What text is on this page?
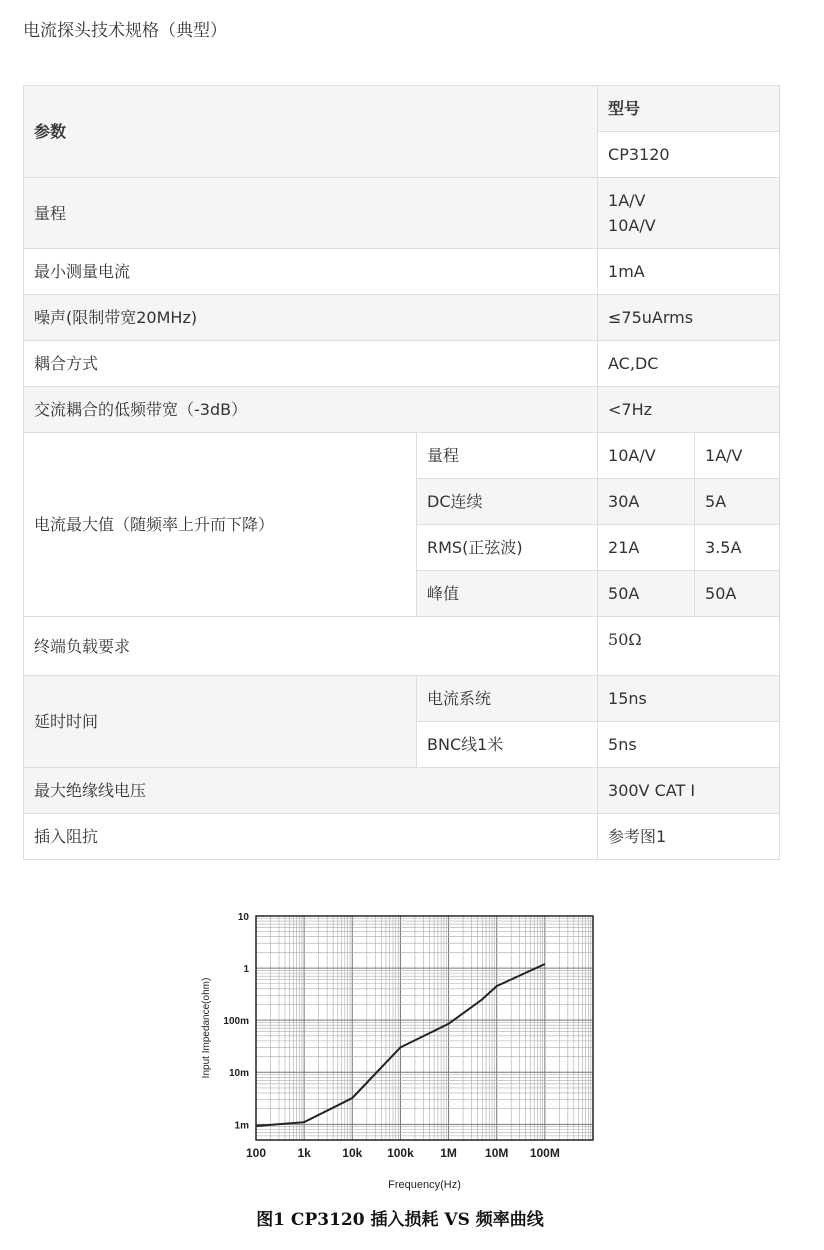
电流探头技术规格（典型）
参数		型号	
		CP3120	
量程		1A/V
10A/V	

最小测量电流		1mA	
噪声(限制带宽20MHz)		≤75uArms	
耦合方式		AC,DC	
交流耦合的低频带宽（-3dB）		<7Hz	
电流最大值（随频率上升而下降）	量程	10A/V	1A/V
	DC连续	30A	5A
	RMS(正弦波)	21A	3.5A
	峰值	50A	50A
终端负载要求		50Ω	
延时时间	电流系统	15ns	
	BNC线1米	5ns	
最大绝缘线电压		300V CAT I	
插入阻抗		参考图1	
100	1k	10k 100k 1M 10M 100M
1m
10m
100m
1
10
Frequency(Hz)
Input Impedance(ohm)
图1 CP3120 插入损耗 VS 频率曲线
